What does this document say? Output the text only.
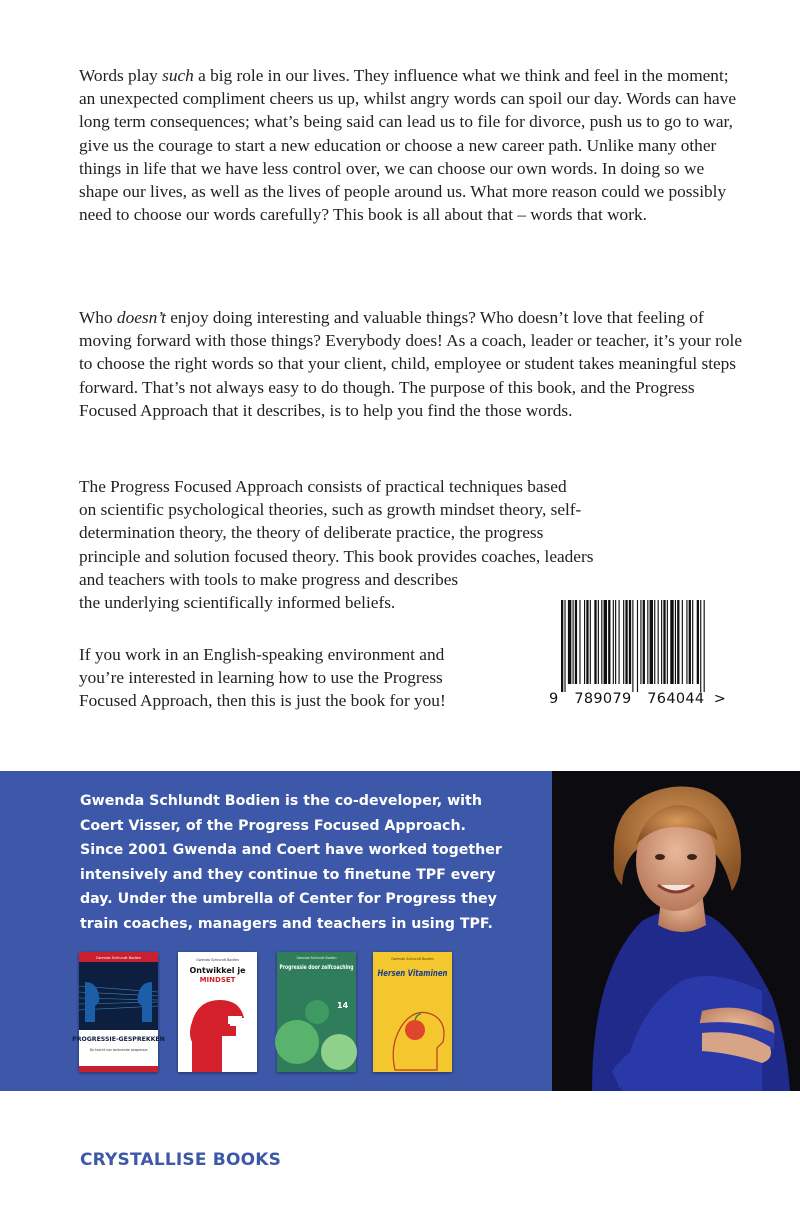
Words play such a big role in our lives. They influence what we think and feel in the moment; an unexpected compliment cheers us up, whilst angry words can spoil our day. Words can have long term consequences; what’s being said can lead us to file for divorce, push us to go to war, give us the courage to start a new education or choose a new career path. Unlike many other things in life that we have less control over, we can choose our own words. In doing so we shape our lives, as well as the lives of people around us. What more reason could we possibly need to choose our words carefully? This book is all about that – words that work.

Who doesn’t enjoy doing interesting and valuable things? Who doesn’t love that feeling of moving forward with those things? Everybody does! As a coach, leader or teacher, it’s your role to choose the right words so that your client, child, employee or student takes meaningful steps forward. That’s not always easy to do though. The purpose of this book, and the Progress Focused Approach that it describes, is to help you find the those words.

The Progress Focused Approach consists of practical techniques based
on scientific psychological theories, such as growth mindset theory, self-
determination theory, the theory of deliberate practice, the progress
principle and solution focused theory. This book provides coaches, leaders
and teachers with tools to make progress and describes
the underlying scientifically informed beliefs.

If you work in an English-speaking environment and
you’re interested in learning how to use the Progress
Focused Approach, then this is just the book for you!	9 789079 764044 >

Gwenda Schlundt Bodien is the co-developer, with
Coert Visser, of the Progress Focused Approach.
Since 2001 Gwenda and Coert have worked together
intensively and they continue to finetune TPF every
day. Under the umbrella of Center for Progress they
train coaches, managers and teachers in using TPF.

Gwenda Schlundt Bodien
PROGRESSIE-GESPREKKEN
De kracht van belonende progressie
Gwenda Schlundt Bodien
Ontwikkel je
MINDSET
Gwenda Schlundt Bodien
Progressie door zelfcoaching
14
Gwenda Schlundt Bodien
Hersen Vitaminen

CRYSTALLISE BOOKS
